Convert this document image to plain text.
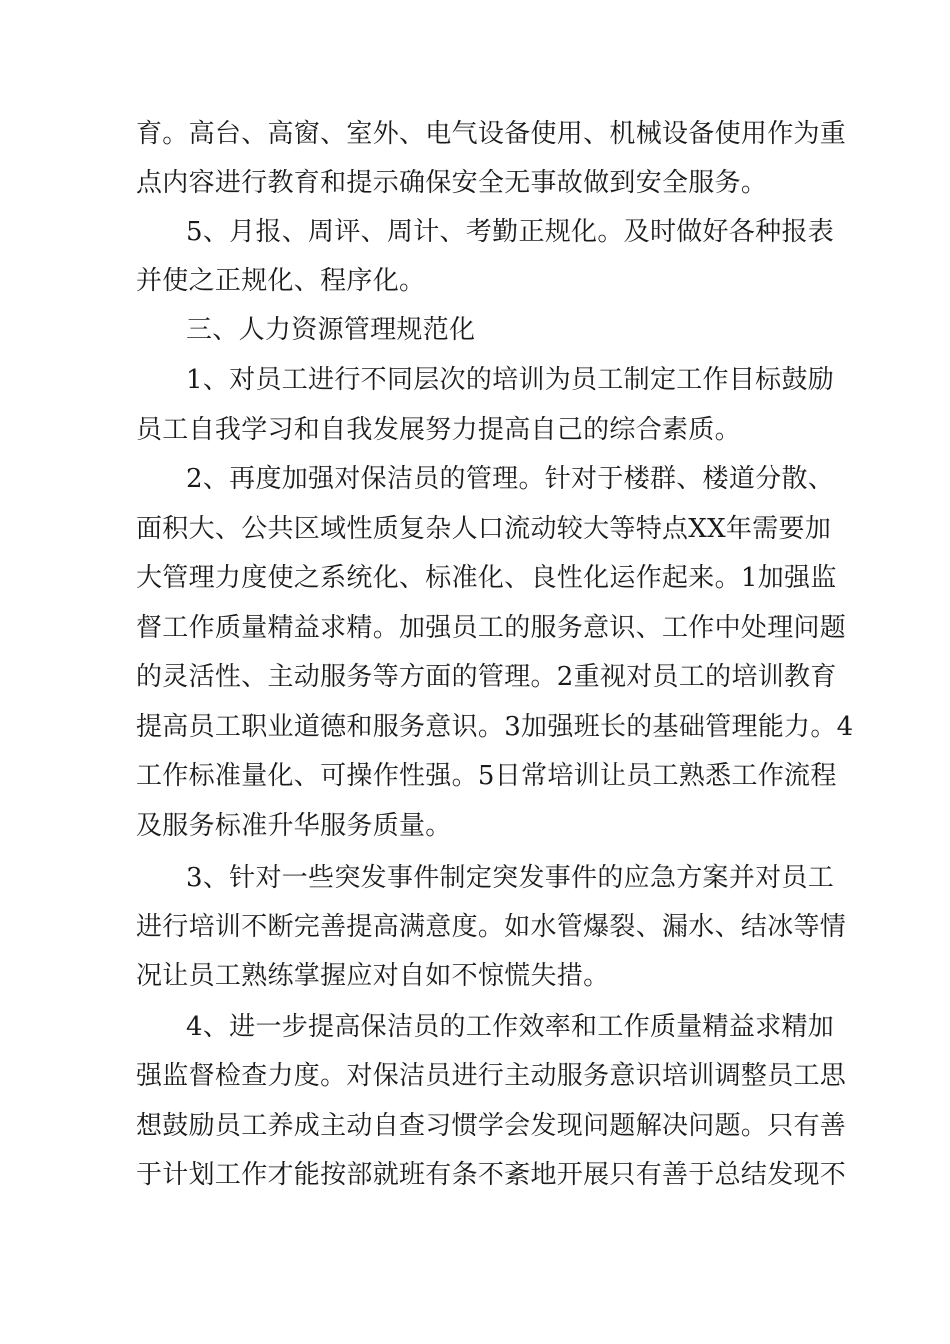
育。高台、高窗、室外、电气设备使用、机械设备使用作为重
点内容进行教育和提示确保安全无事故做到安全服务。
5、月报、周评、周计、考勤正规化。及时做好各种报表
并使之正规化、程序化。
三、人力资源管理规范化
1、对员工进行不同层次的培训为员工制定工作目标鼓励
员工自我学习和自我发展努力提高自己的综合素质。
2、再度加强对保洁员的管理。针对于楼群、楼道分散、
面积大、公共区域性质复杂人口流动较大等特点XX年需要加
大管理力度使之系统化、标准化、良性化运作起来。1加强监
督工作质量精益求精。加强员工的服务意识、工作中处理问题
的灵活性、主动服务等方面的管理。2重视对员工的培训教育
提高员工职业道德和服务意识。3加强班长的基础管理能力。4
工作标准量化、可操作性强。5日常培训让员工熟悉工作流程
及服务标准升华服务质量。
3、针对一些突发事件制定突发事件的应急方案并对员工
进行培训不断完善提高满意度。如水管爆裂、漏水、结冰等情
况让员工熟练掌握应对自如不惊慌失措。
4、进一步提高保洁员的工作效率和工作质量精益求精加
强监督检查力度。对保洁员进行主动服务意识培训调整员工思
想鼓励员工养成主动自查习惯学会发现问题解决问题。只有善
于计划工作才能按部就班有条不紊地开展只有善于总结发现不
